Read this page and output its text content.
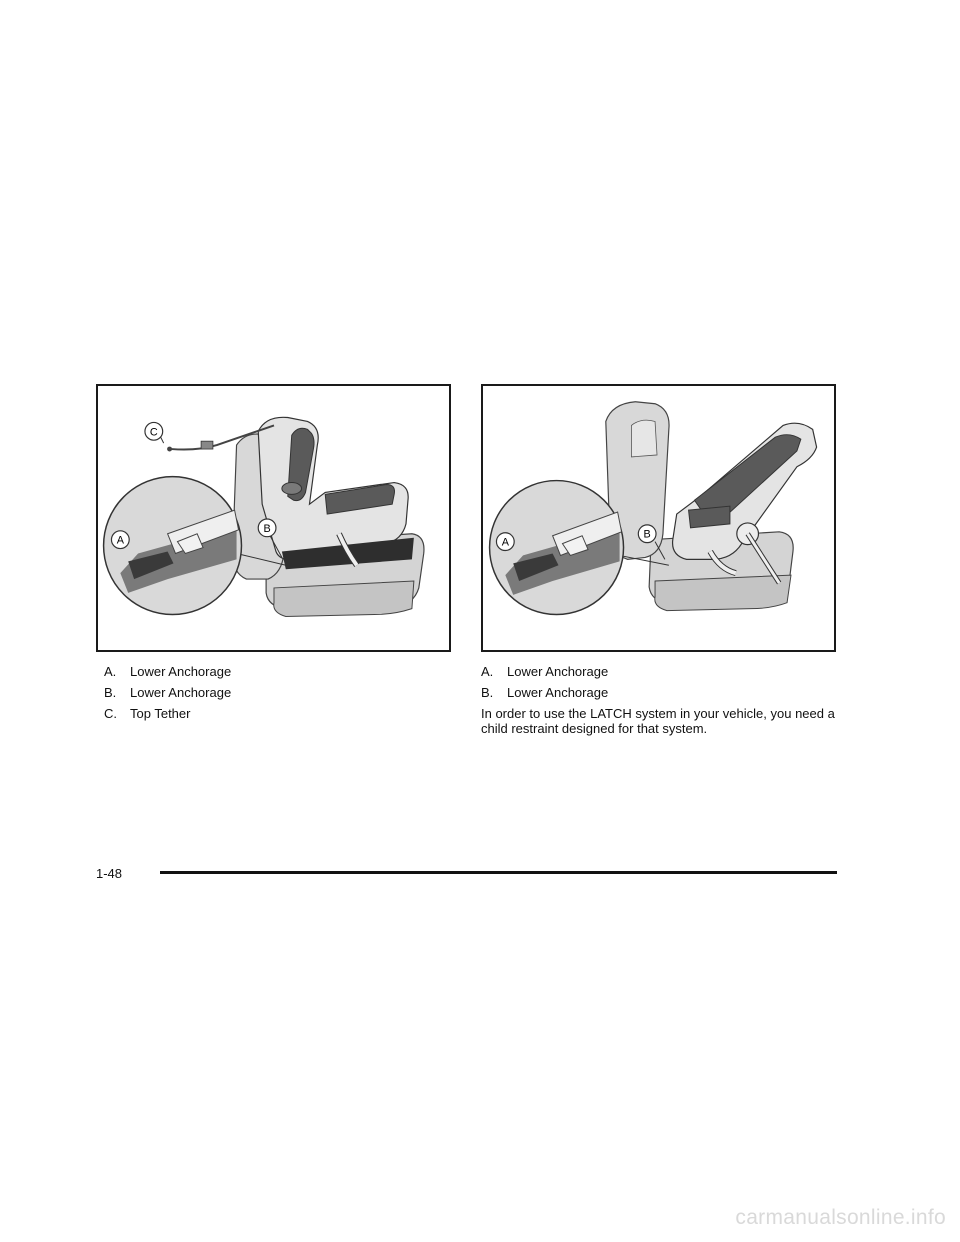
C
B
A	B
A
A. Lower Anchorage
B. Lower Anchorage
C. Top Tether
A. Lower Anchorage
B. Lower Anchorage

In order to use the LATCH system in your vehicle, you need a child restraint designed for that system.

1-48
carmanualsonline.info
